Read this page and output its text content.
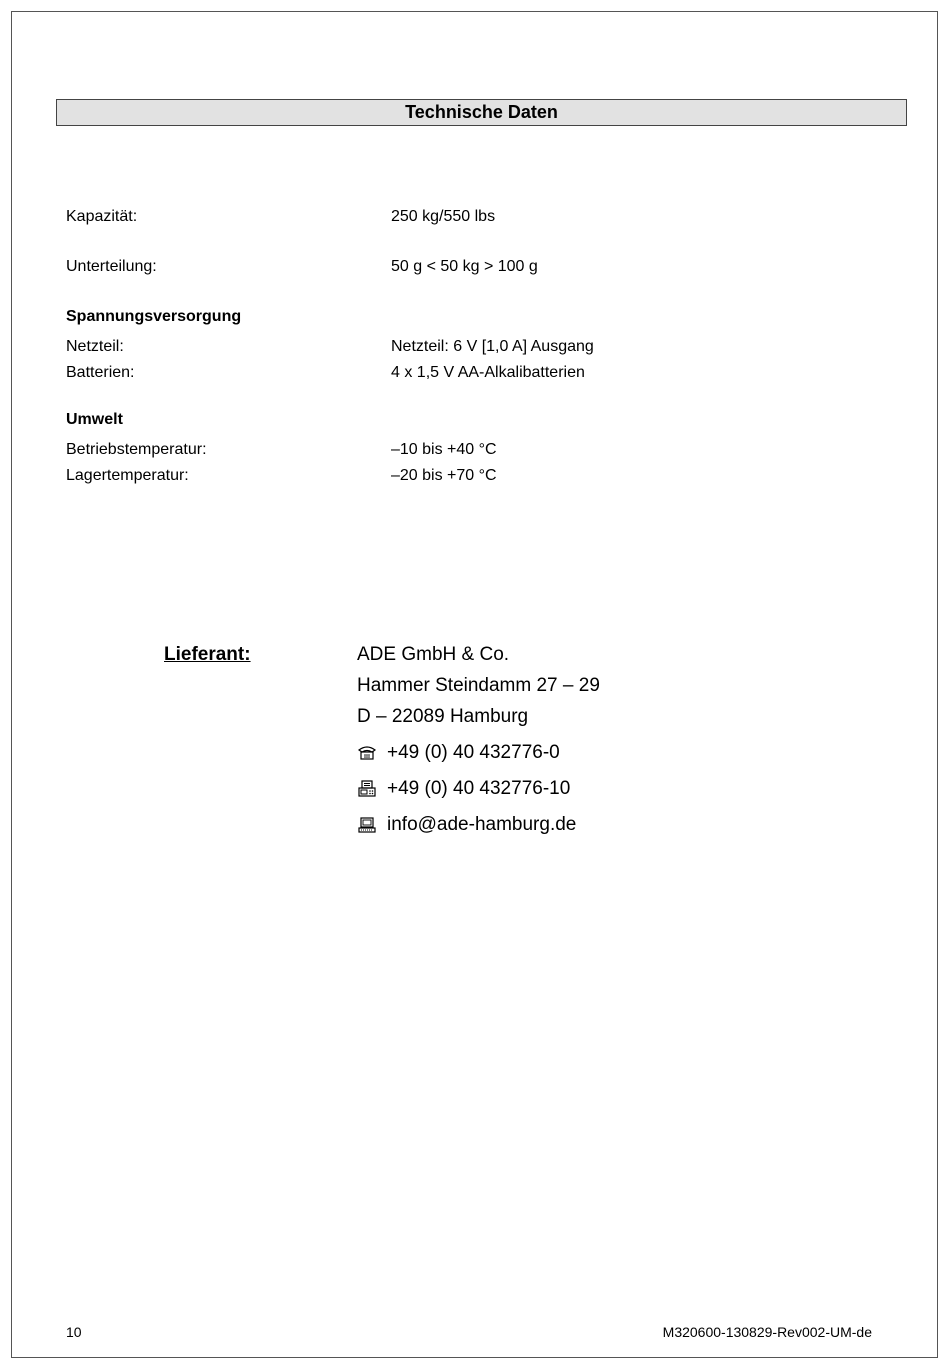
Technische Daten
Kapazität:	250 kg/550 lbs
Unterteilung:	50 g < 50 kg > 100 g
Spannungsversorgung
Netzteil:	Netzteil: 6 V [1,0 A] Ausgang
Batterien:	4 x 1,5 V AA-Alkalibatterien
Umwelt
Betriebstemperatur:	–10 bis +40 °C
Lagertemperatur:	–20 bis +70 °C
Lieferant:	ADE GmbH & Co.
Hammer Steindamm 27 – 29
D – 22089 Hamburg
+49 (0) 40 432776-0
+49 (0) 40 432776-10
info@ade-hamburg.de
10	M320600-130829-Rev002-UM-de
